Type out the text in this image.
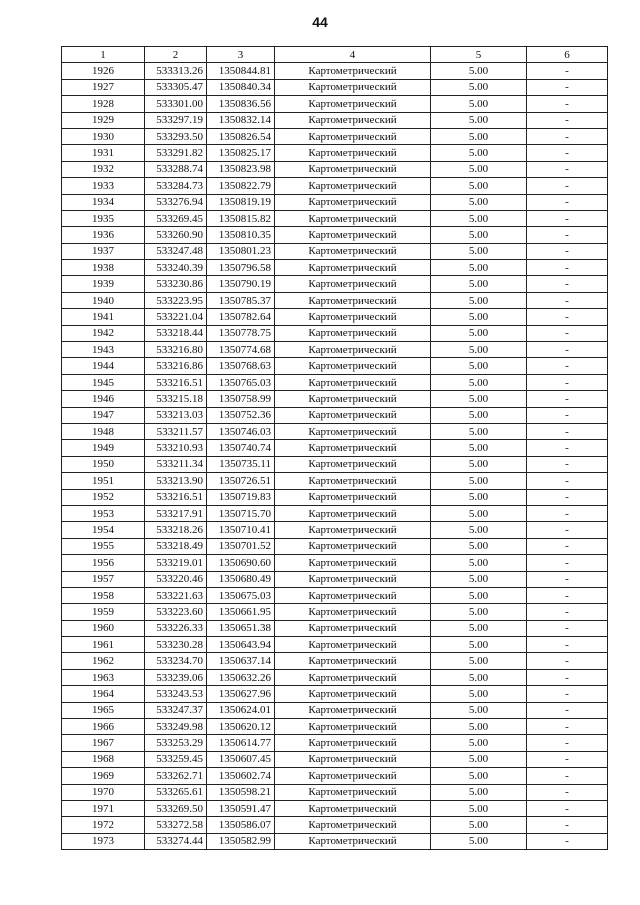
44
1	2	3	4	5	6
1926	533313.26	1350844.81	Картометрический	5.00	-
1927	533305.47	1350840.34	Картометрический	5.00	-
1928	533301.00	1350836.56	Картометрический	5.00	-
1929	533297.19	1350832.14	Картометрический	5.00	-
1930	533293.50	1350826.54	Картометрический	5.00	-
1931	533291.82	1350825.17	Картометрический	5.00	-
1932	533288.74	1350823.98	Картометрический	5.00	-
1933	533284.73	1350822.79	Картометрический	5.00	-
1934	533276.94	1350819.19	Картометрический	5.00	-
1935	533269.45	1350815.82	Картометрический	5.00	-
1936	533260.90	1350810.35	Картометрический	5.00	-
1937	533247.48	1350801.23	Картометрический	5.00	-
1938	533240.39	1350796.58	Картометрический	5.00	-
1939	533230.86	1350790.19	Картометрический	5.00	-
1940	533223.95	1350785.37	Картометрический	5.00	-
1941	533221.04	1350782.64	Картометрический	5.00	-
1942	533218.44	1350778.75	Картометрический	5.00	-
1943	533216.80	1350774.68	Картометрический	5.00	-
1944	533216.86	1350768.63	Картометрический	5.00	-
1945	533216.51	1350765.03	Картометрический	5.00	-
1946	533215.18	1350758.99	Картометрический	5.00	-
1947	533213.03	1350752.36	Картометрический	5.00	-
1948	533211.57	1350746.03	Картометрический	5.00	-
1949	533210.93	1350740.74	Картометрический	5.00	-
1950	533211.34	1350735.11	Картометрический	5.00	-
1951	533213.90	1350726.51	Картометрический	5.00	-
1952	533216.51	1350719.83	Картометрический	5.00	-
1953	533217.91	1350715.70	Картометрический	5.00	-
1954	533218.26	1350710.41	Картометрический	5.00	-
1955	533218.49	1350701.52	Картометрический	5.00	-
1956	533219.01	1350690.60	Картометрический	5.00	-
1957	533220.46	1350680.49	Картометрический	5.00	-
1958	533221.63	1350675.03	Картометрический	5.00	-
1959	533223.60	1350661.95	Картометрический	5.00	-
1960	533226.33	1350651.38	Картометрический	5.00	-
1961	533230.28	1350643.94	Картометрический	5.00	-
1962	533234.70	1350637.14	Картометрический	5.00	-
1963	533239.06	1350632.26	Картометрический	5.00	-
1964	533243.53	1350627.96	Картометрический	5.00	-
1965	533247.37	1350624.01	Картометрический	5.00	-
1966	533249.98	1350620.12	Картометрический	5.00	-
1967	533253.29	1350614.77	Картометрический	5.00	-
1968	533259.45	1350607.45	Картометрический	5.00	-
1969	533262.71	1350602.74	Картометрический	5.00	-
1970	533265.61	1350598.21	Картометрический	5.00	-
1971	533269.50	1350591.47	Картометрический	5.00	-
1972	533272.58	1350586.07	Картометрический	5.00	-
1973	533274.44	1350582.99	Картометрический	5.00	-
